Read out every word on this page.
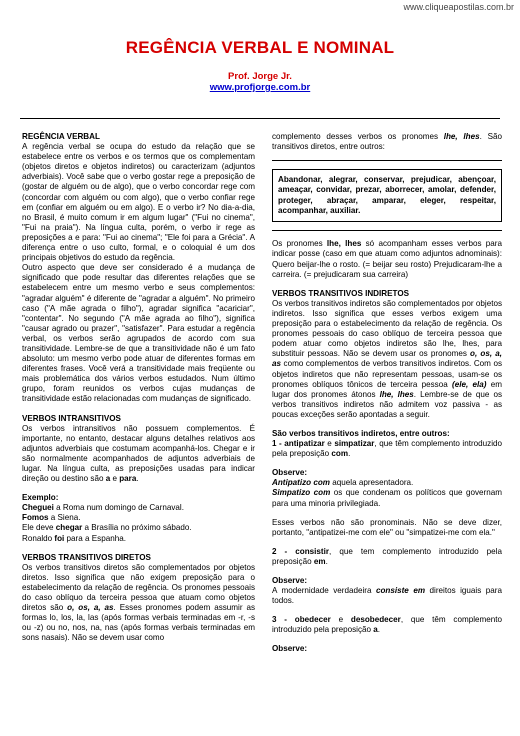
www.cliqueapostilas.com.br
REGÊNCIA VERBAL E NOMINAL
Prof. Jorge Jr.
www.profjorge.com.br

REGÊNCIA VERBAL

A regência verbal se ocupa do estudo da relação que se estabelece entre os verbos e os termos que os complementam (objetos diretos e objetos indiretos) ou caracterizam (adjuntos adverbiais). Você sabe que o verbo gostar rege a preposição de (gostar de alguém ou de algo), que o verbo concordar rege com (concordar com alguém ou com algo), que o verbo confiar rege em (confiar em alguém ou em algo). E o verbo ir? No dia-a-dia, no Brasil, é muito comum ir em algum lugar" ("Fui no cinema", "Fui na praia"). Na língua culta, porém, o verbo ir rege as preposições a e para: "Fui ao cinema"; "Ele foi para a Grécia". A diferença entre o uso culto, formal, e o coloquial é um dos principais objetivos do estudo da regência.

Outro aspecto que deve ser considerado é a mudança de significado que pode resultar das diferentes relações que se estabelecem entre um mesmo verbo e seus complementos: "agradar alguém" é diferente de "agradar a alguém". No primeiro caso ("A mãe agrada o filho"), agradar significa "acariciar", "contentar". No segundo ("A mãe agrada ao filho"), significa "causar agrado ou prazer", "satisfazer". Para estudar a regência verbal, os verbos serão agrupados de acordo com sua transitividade. Lembre-se de que a transitividade não é um fato absoluto: um mesmo verbo pode atuar de diferentes formas em diferentes frases. Você verá a transitividade mais freqüente ou mais problemática dos vários verbos estudados. Num último grupo, foram reunidos os verbos cujas mudanças de transitividade estão relacionadas com mudanças de significado.

VERBOS INTRANSITIVOS

Os verbos intransitivos não possuem complementos. É importante, no entanto, destacar alguns detalhes relativos aos adjuntos adverbiais que costumam acompanhá-los. Chegar e ir são normalmente acompanhados de adjuntos adverbiais de lugar. Na língua culta, as preposições usadas para indicar direção ou destino são a e para.

Exemplo:

Cheguei a Roma num domingo de Carnaval.

Fomos a Siena.

Ele deve chegar a Brasília no próximo sábado.

Ronaldo foi para a Espanha.

VERBOS TRANSITIVOS DIRETOS

Os verbos transitivos diretos são complementados por objetos diretos. Isso significa que não exigem preposição para o estabelecimento da relação de regência. Os pronomes pessoais do caso oblíquo da terceira pessoa que atuam como objetos diretos são o, os, a, as. Esses pronomes podem assumir as formas lo, los, la, las (após formas verbais terminadas em -r, -s ou -z) ou no, nos, na, nas (após formas verbais terminadas em sons nasais). Não se devem usar como

complemento desses verbos os pronomes lhe, lhes. São transitivos diretos, entre outros:

Abandonar, alegrar, conservar, prejudicar, abençoar, ameaçar, convidar, prezar, aborrecer, amolar, defender, proteger, abraçar, amparar, eleger, respeitar, acompanhar, auxiliar.

Os pronomes lhe, lhes só acompanham esses verbos para indicar posse (caso em que atuam como adjuntos adnominais): Quero beijar-lhe o rosto. (= beijar seu rosto) Prejudicaram-lhe a carreira. (= prejudicaram sua carreira)

VERBOS TRANSITIVOS INDIRETOS

Os verbos transitivos indiretos são complementados por objetos indiretos. Isso significa que esses verbos exigem uma preposição para o estabelecimento da relação de regência. Os pronomes pessoais do caso oblíquo de terceira pessoa que podem atuar como objetos indiretos são lhe, lhes, para substituir pessoas. Não se devem usar os pronomes o, os, a, as como complementos de verbos transitivos indiretos. Com os objetos indiretos que não representam pessoas, usam-se os pronomes oblíquos tônicos de terceira pessoa (ele, ela) em lugar dos pronomes átonos lhe, lhes. Lembre-se de que os verbos transitivos indiretos não admitem voz passiva - as poucas exceções serão apontadas a seguir.

São verbos transitivos indiretos, entre outros:

1 - antipatizar e simpatizar, que têm complemento introduzido pela preposição com.

Observe:

Antipatizo com aquela apresentadora.

Simpatizo com os que condenam os políticos que governam para uma minoria privilegiada.

Esses verbos não são pronominais. Não se deve dizer, portanto, "antipatizei-me com ele" ou "simpatizei-me com ela."

2 - consistir, que tem complemento introduzido pela preposição em.

Observe:

A modernidade verdadeira consiste em direitos iguais para todos.

3 - obedecer e desobedecer, que têm complemento introduzido pela preposição a.

Observe:
